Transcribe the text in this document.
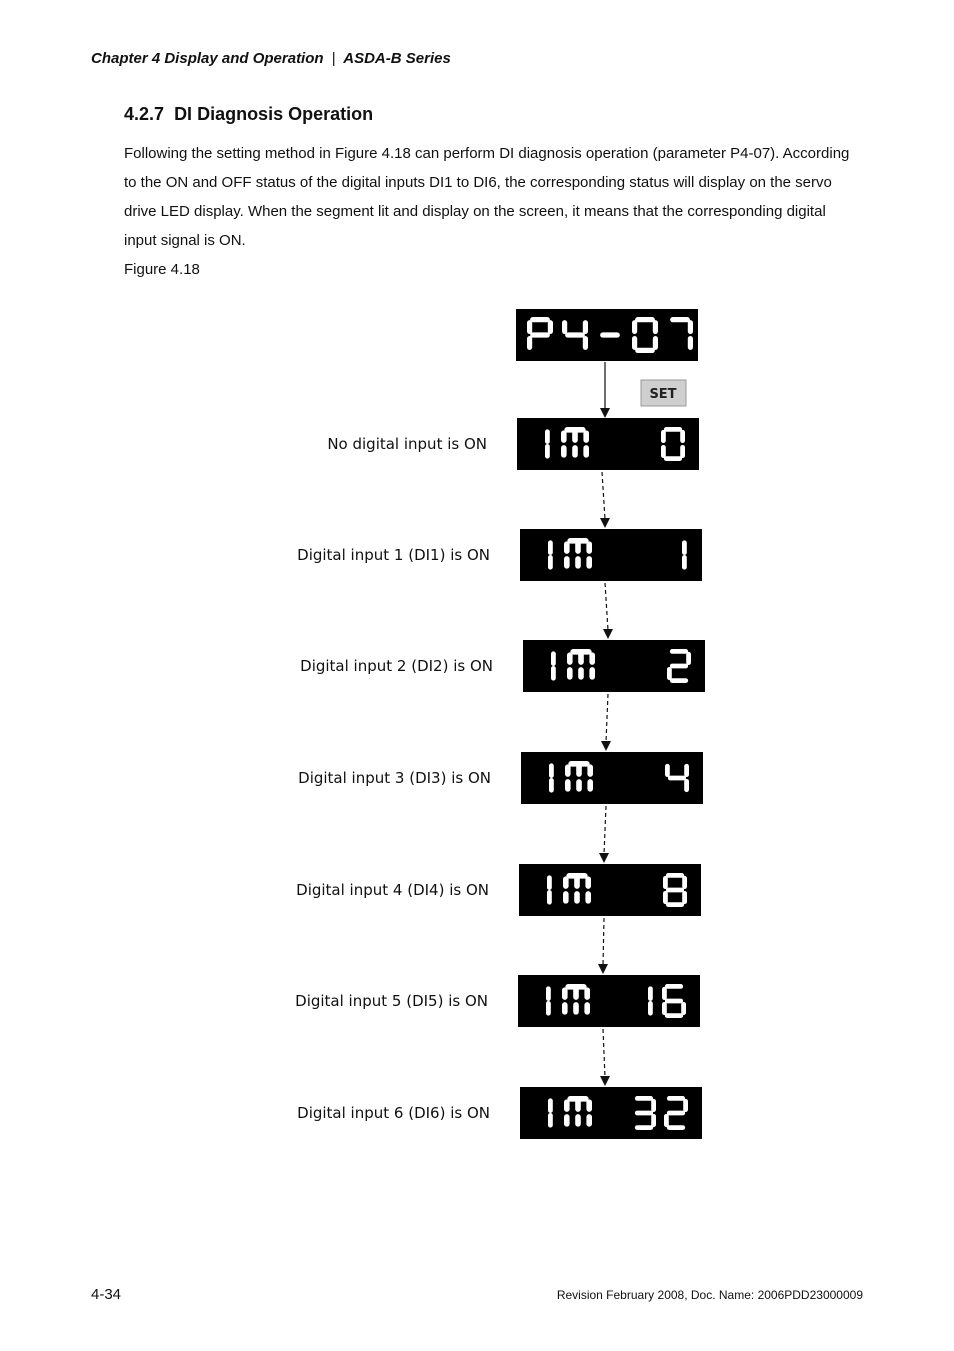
Chapter 4 Display and Operation | ASDA-B Series
4.2.7 DI Diagnosis Operation

Following the setting method in Figure 4.18 can perform DI diagnosis operation (parameter P4-07). According to the ON and OFF status of the digital inputs DI1 to DI6, the corresponding status will display on the servo drive LED display. When the segment lit and display on the screen, it means that the corresponding digital input signal is ON.

Figure 4.18
SET
No digital input is ON
Digital input 1 (DI1) is ON
Digital input 2 (DI2) is ON
Digital input 3 (DI3) is ON
Digital input 4 (DI4) is ON
Digital input 5 (DI5) is ON
Digital input 6 (DI6) is ON
4-34	Revision February 2008, Doc. Name: 2006PDD23000009
